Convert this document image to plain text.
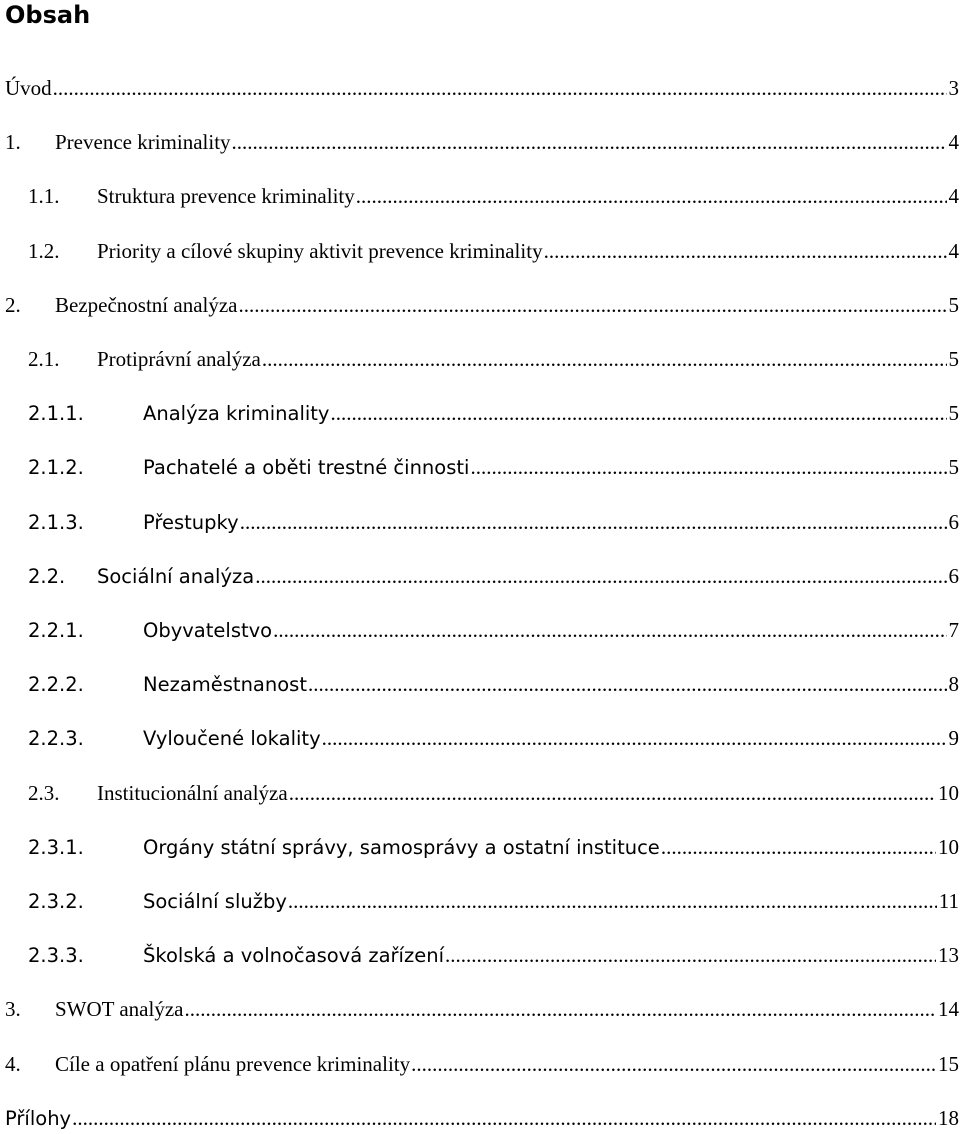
Obsah
Úvod .....	3
1.	Prevence kriminality .....	4
1.1.	Struktura prevence kriminality .....	4
1.2.	Priority a cílové skupiny aktivit prevence kriminality .....	4
2.	Bezpečnostní analýza .....	5
2.1.	Protiprávní analýza .....	5
2.1.1.	Analýza kriminality .....	5
2.1.2.	Pachatelé a oběti trestné činnosti .....	5
2.1.3.	Přestupky .....	6
2.2.	Sociální analýza .....	6
2.2.1.	Obyvatelstvo .....	7
2.2.2.	Nezaměstnanost .....	8
2.2.3.	Vyloučené lokality .....	9
2.3.	Institucionální analýza .....	10
2.3.1.	Orgány státní správy, samosprávy a ostatní instituce .....	10
2.3.2.	Sociální služby .....	11
2.3.3.	Školská a volnočasová zařízení .....	13
3.	SWOT analýza .....	14
4.	Cíle a opatření plánu prevence kriminality .....	15
Přílohy .....	18
